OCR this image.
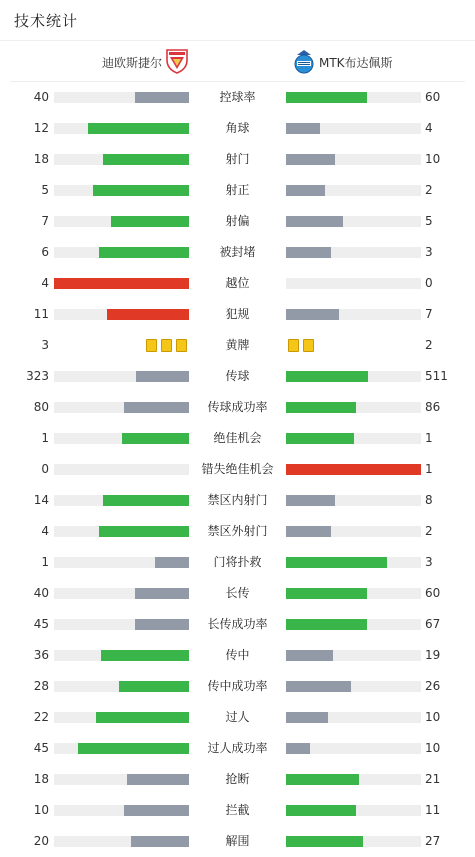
技术统计
迪欧斯捷尔	MTK布达佩斯
40	控球率	60
12	角球	4
18	射门	10
5	射正	2
7	射偏	5
6	被封堵	3
4	越位	0
11	犯规	7
3	黄牌	2
323	传球	511
80	传球成功率	86
1	绝佳机会	1
0	错失绝佳机会	1
14	禁区内射门	8
4	禁区外射门	2
1	门将扑救	3
40	长传	60
45	长传成功率	67
36	传中	19
28	传中成功率	26
22	过人	10
45	过人成功率	10
18	抢断	21
10	拦截	11
20	解围	27
